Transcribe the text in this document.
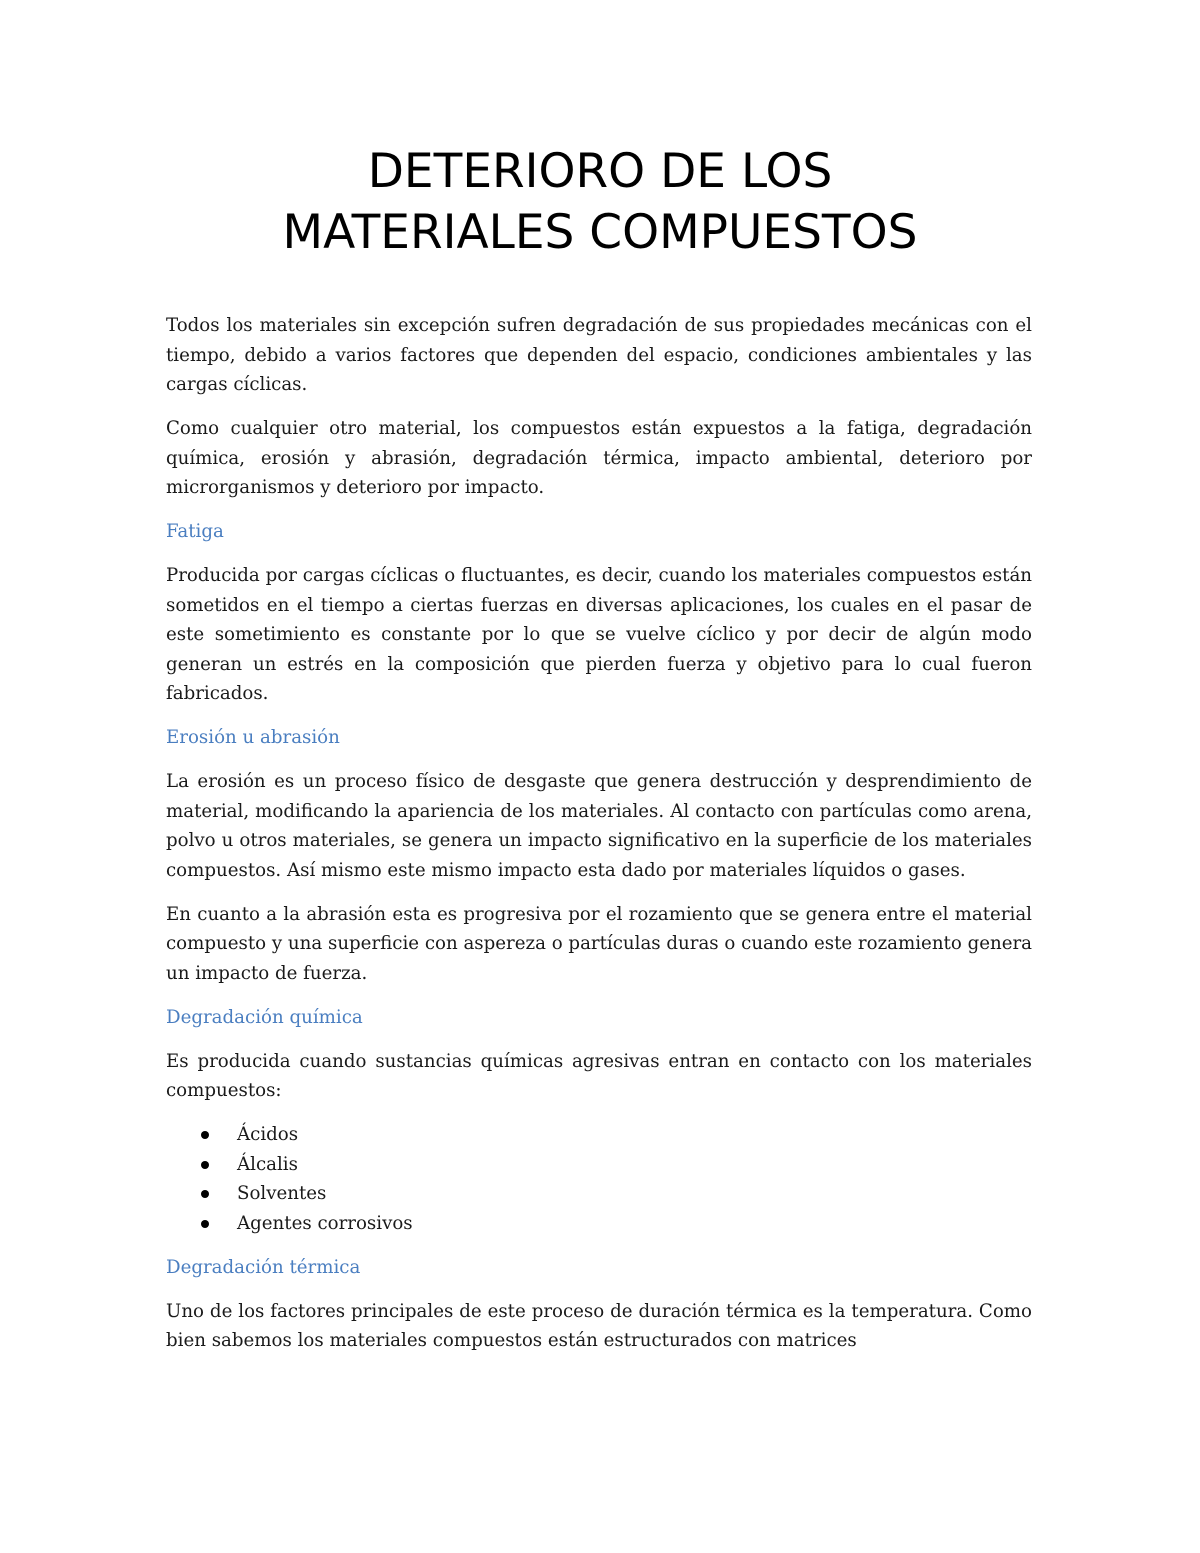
DETERIORO DE LOS
MATERIALES COMPUESTOS

Todos los materiales sin excepción sufren degradación de sus propiedades mecánicas con el tiempo, debido a varios factores que dependen del espacio, condiciones ambientales y las cargas cíclicas.

Como cualquier otro material, los compuestos están expuestos a la fatiga, degradación química, erosión y abrasión, degradación térmica, impacto ambiental, deterioro por microrganismos y deterioro por impacto.

Fatiga

Producida por cargas cíclicas o fluctuantes, es decir, cuando los materiales compuestos están sometidos en el tiempo a ciertas fuerzas en diversas aplicaciones, los cuales en el pasar de este sometimiento es constante por lo que se vuelve cíclico y por decir de algún modo generan un estrés en la composición que pierden fuerza y objetivo para lo cual fueron fabricados.

Erosión u abrasión

La erosión es un proceso físico de desgaste que genera destrucción y desprendimiento de material, modificando la apariencia de los materiales. Al contacto con partículas como arena, polvo u otros materiales, se genera un impacto significativo en la superficie de los materiales compuestos. Así mismo este mismo impacto esta dado por materiales líquidos o gases.

En cuanto a la abrasión esta es progresiva por el rozamiento que se genera entre el material compuesto y una superficie con aspereza o partículas duras o cuando este rozamiento genera un impacto de fuerza.

Degradación química

Es producida cuando sustancias químicas agresivas entran en contacto con los materiales compuestos:

Ácidos
Álcalis
Solventes
Agentes corrosivos
Degradación térmica

Uno de los factores principales de este proceso de duración térmica es la temperatura. Como bien sabemos los materiales compuestos están estructurados con matrices
